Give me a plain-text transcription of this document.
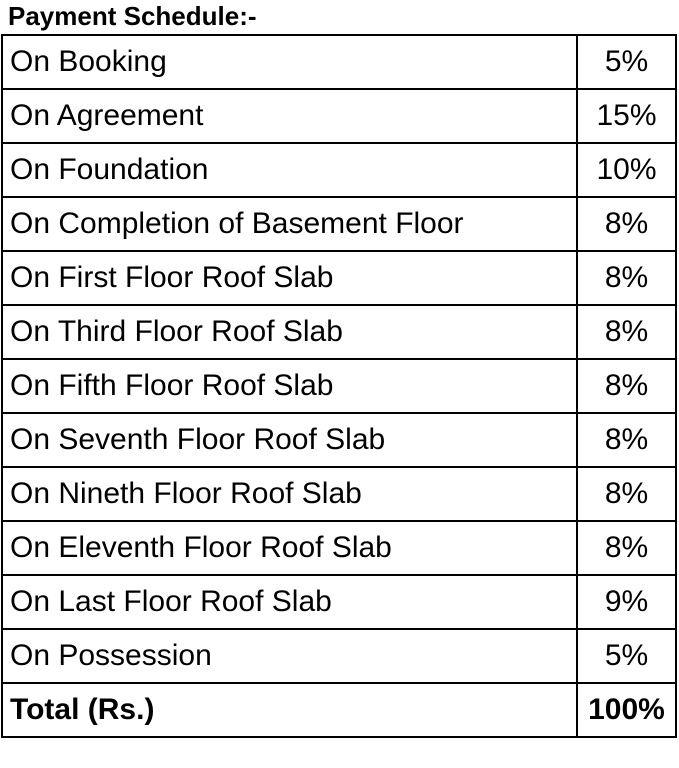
Payment Schedule:-
On Booking	5%
On Agreement	15%
On Foundation	10%
On Completion of Basement Floor	8%
On First Floor Roof Slab	8%
On Third Floor Roof Slab	8%
On Fifth Floor Roof Slab	8%
On Seventh Floor Roof Slab	8%
On Nineth Floor Roof Slab	8%
On Eleventh Floor Roof Slab	8%
On Last Floor Roof Slab	9%
On Possession	5%
Total (Rs.)	100%
